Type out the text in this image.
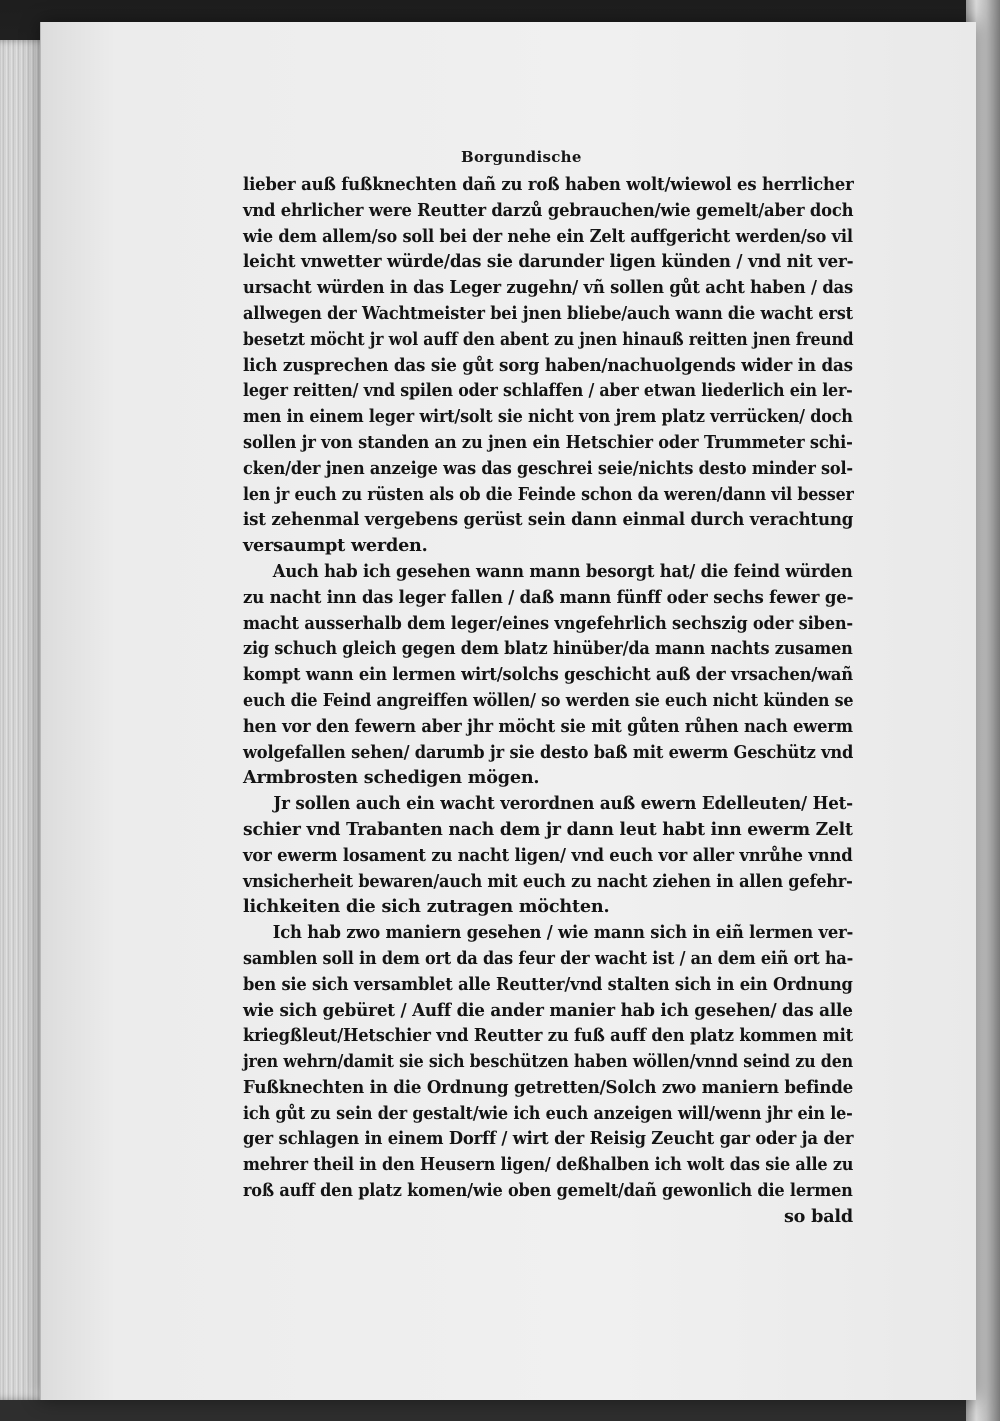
Borgundische
lieber auß fußknechten dañ zu roß haben wolt/wiewol es herrlicher
vnd ehrlicher were Reutter darzů gebrauchen/wie gemelt/aber doch
wie dem allem/so soll bei der nehe ein Zelt auffgericht werden/so vil
leicht vnwetter würde/das sie darunder ligen künden / vnd nit ver-
ursacht würden in das Leger zugehn/ vñ sollen gůt acht haben / das
allwegen der Wachtmeister bei jnen bliebe/auch wann die wacht erst
besetzt möcht jr wol auff den abent zu jnen hinauß reitten jnen freund
lich zusprechen das sie gůt sorg haben/nachuolgends wider in das
leger reitten/ vnd spilen oder schlaffen / aber etwan liederlich ein ler-
men in einem leger wirt/solt sie nicht von jrem platz verrücken/ doch
sollen jr von standen an zu jnen ein Hetschier oder Trummeter schi-
cken/der jnen anzeige was das geschrei seie/nichts desto minder sol-
len jr euch zu rüsten als ob die Feinde schon da weren/dann vil besser
ist zehenmal vergebens gerüst sein dann einmal durch verachtung
versaumpt werden.
Auch hab ich gesehen wann mann besorgt hat/ die feind würden
zu nacht inn das leger fallen / daß mann fünff oder sechs fewer ge-
macht ausserhalb dem leger/eines vngefehrlich sechszig oder siben-
zig schuch gleich gegen dem blatz hinüber/da mann nachts zusamen
kompt wann ein lermen wirt/solchs geschicht auß der vrsachen/wañ
euch die Feind angreiffen wöllen/ so werden sie euch nicht künden se
hen vor den fewern aber jhr möcht sie mit gůten růhen nach ewerm
wolgefallen sehen/ darumb jr sie desto baß mit ewerm Geschütz vnd
Armbrosten schedigen mögen.
Jr sollen auch ein wacht verordnen auß ewern Edelleuten/ Het-
schier vnd Trabanten nach dem jr dann leut habt inn ewerm Zelt
vor ewerm losament zu nacht ligen/ vnd euch vor aller vnrůhe vnnd
vnsicherheit bewaren/auch mit euch zu nacht ziehen in allen gefehr-
lichkeiten die sich zutragen möchten.
Ich hab zwo maniern gesehen / wie mann sich in eiñ lermen ver-
samblen soll in dem ort da das feur der wacht ist / an dem eiñ ort ha-
ben sie sich versamblet alle Reutter/vnd stalten sich in ein Ordnung
wie sich gebüret / Auff die ander manier hab ich gesehen/ das alle
kriegßleut/Hetschier vnd Reutter zu fuß auff den platz kommen mit
jren wehrn/damit sie sich beschützen haben wöllen/vnnd seind zu den
Fußknechten in die Ordnung getretten/Solch zwo maniern befinde
ich gůt zu sein der gestalt/wie ich euch anzeigen will/wenn jhr ein le-
ger schlagen in einem Dorff / wirt der Reisig Zeucht gar oder ja der
mehrer theil in den Heusern ligen/ deßhalben ich wolt das sie alle zu
roß auff den platz komen/wie oben gemelt/dañ gewonlich die lermen
so bald
